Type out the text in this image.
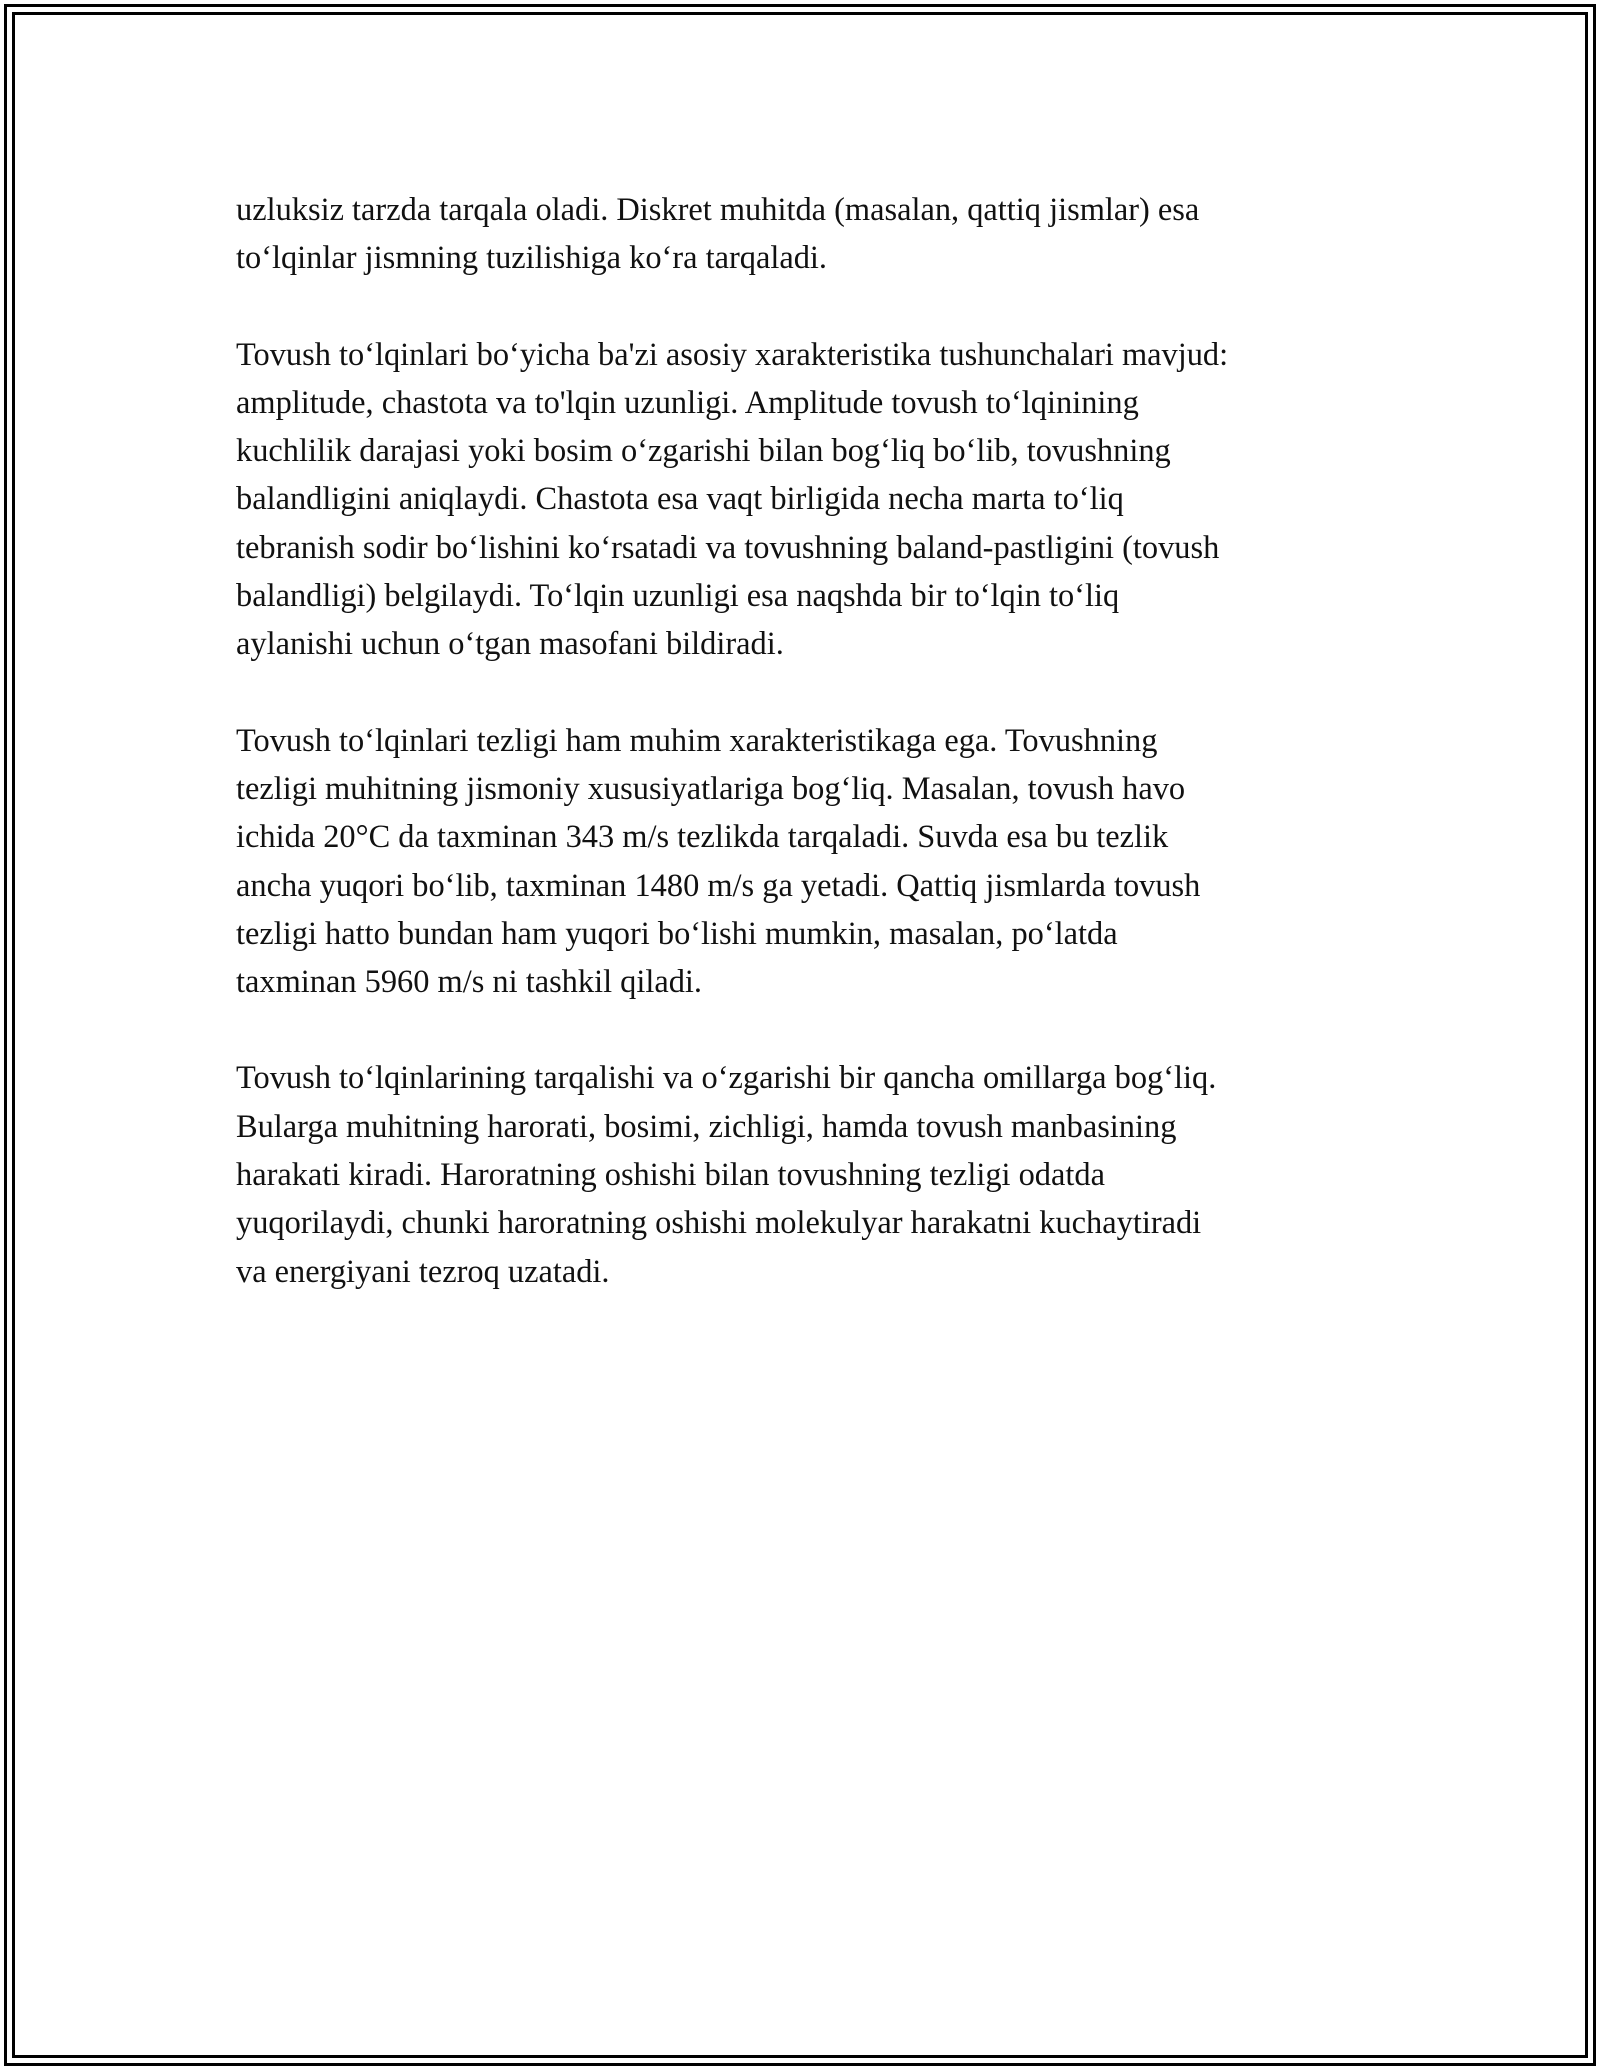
uzluksiz tarzda tarqala oladi. Diskret muhitda (masalan, qattiq jismlar) esa
to‘lqinlar jismning tuzilishiga ko‘ra tarqaladi.

Tovush to‘lqinlari bo‘yicha ba'zi asosiy xarakteristika tushunchalari mavjud:
amplitude, chastota va to'lqin uzunligi. Amplitude tovush to‘lqinining
kuchlilik darajasi yoki bosim o‘zgarishi bilan bog‘liq bo‘lib, tovushning
balandligini aniqlaydi. Chastota esa vaqt birligida necha marta to‘liq
tebranish sodir bo‘lishini ko‘rsatadi va tovushning baland-pastligini (tovush
balandligi) belgilaydi. To‘lqin uzunligi esa naqshda bir to‘lqin to‘liq
aylanishi uchun o‘tgan masofani bildiradi.

Tovush to‘lqinlari tezligi ham muhim xarakteristikaga ega. Tovushning
tezligi muhitning jismoniy xususiyatlariga bog‘liq. Masalan, tovush havo
ichida 20°C da taxminan 343 m/s tezlikda tarqaladi. Suvda esa bu tezlik
ancha yuqori bo‘lib, taxminan 1480 m/s ga yetadi. Qattiq jismlarda tovush
tezligi hatto bundan ham yuqori bo‘lishi mumkin, masalan, po‘latda
taxminan 5960 m/s ni tashkil qiladi.

Tovush to‘lqinlarining tarqalishi va o‘zgarishi bir qancha omillarga bog‘liq.
Bularga muhitning harorati, bosimi, zichligi, hamda tovush manbasining
harakati kiradi. Haroratning oshishi bilan tovushning tezligi odatda
yuqorilaydi, chunki haroratning oshishi molekulyar harakatni kuchaytiradi
va energiyani tezroq uzatadi.
